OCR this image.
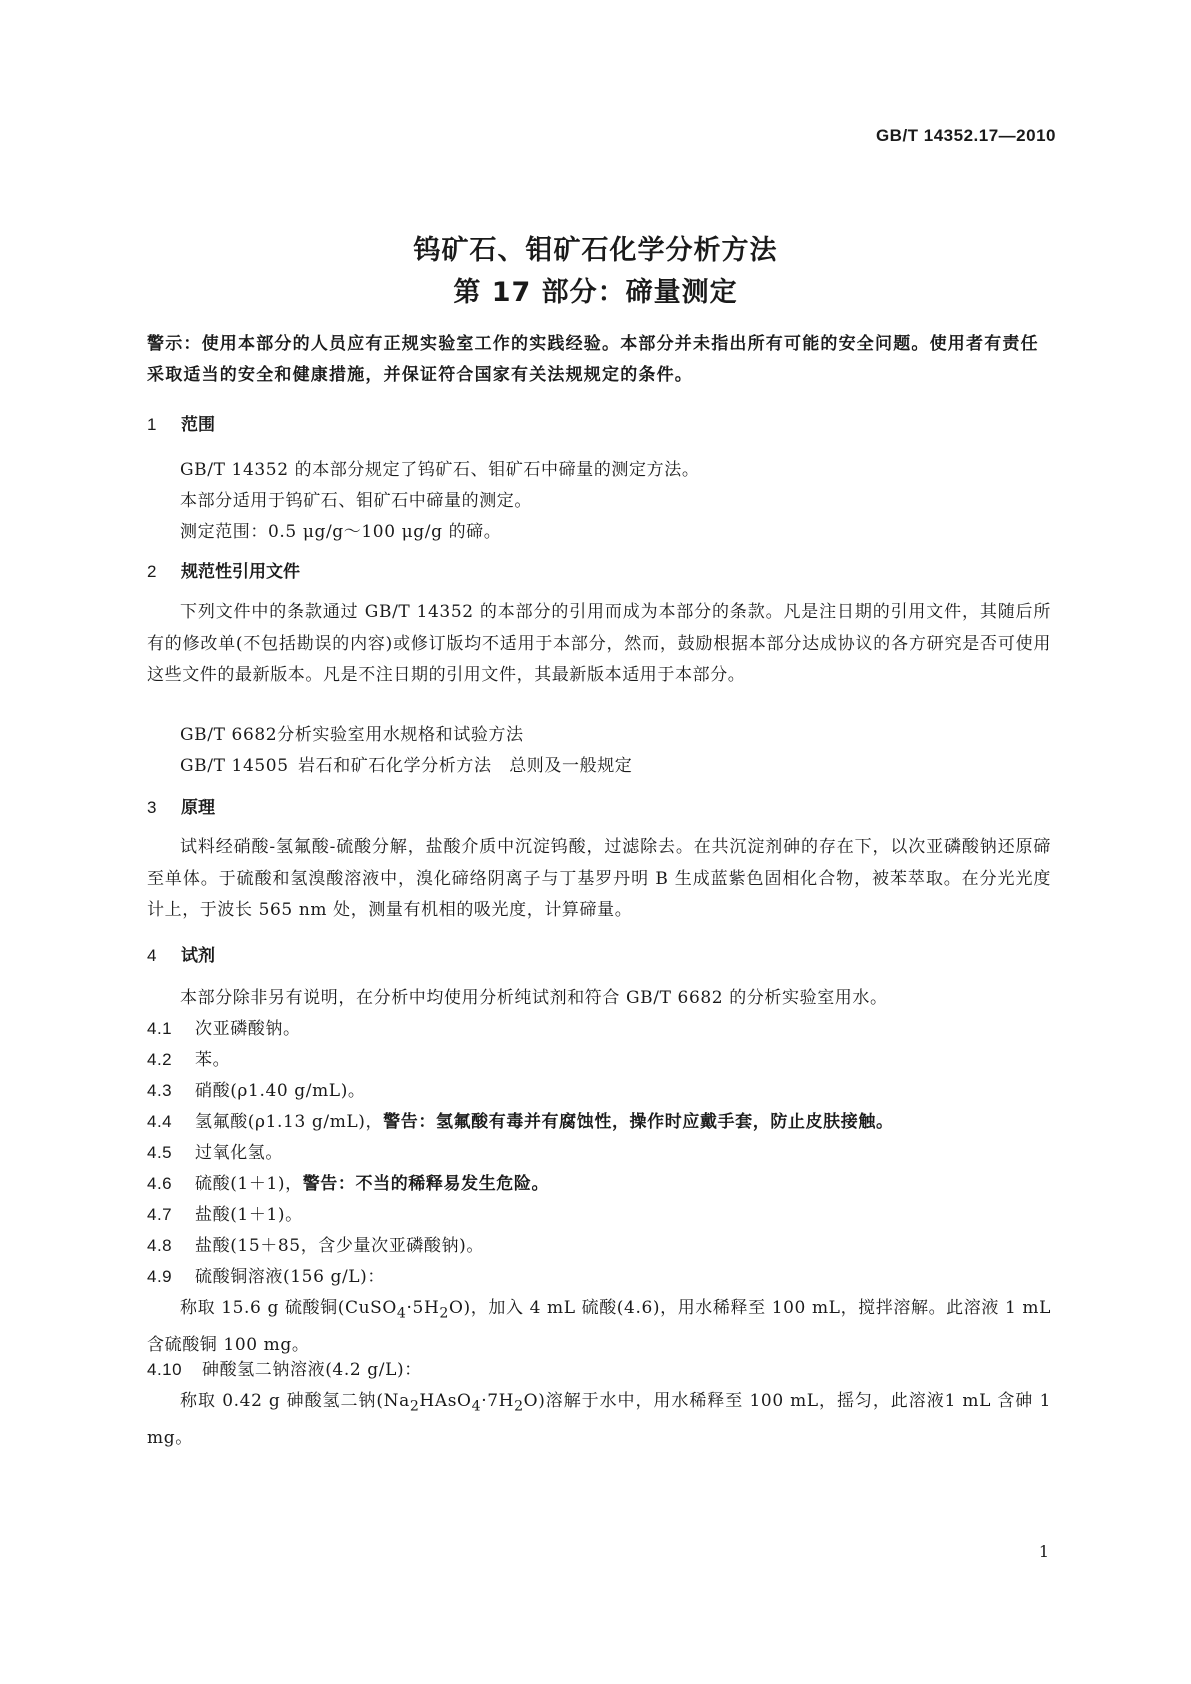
GB/T 14352.17—2010
钨矿石、钼矿石化学分析方法
第 17 部分：碲量测定
警示：使用本部分的人员应有正规实验室工作的实践经验。本部分并未指出所有可能的安全问题。使用者有责任采取适当的安全和健康措施，并保证符合国家有关法规规定的条件。
1 范围
GB/T 14352 的本部分规定了钨矿石、钼矿石中碲量的测定方法。
本部分适用于钨矿石、钼矿石中碲量的测定。
测定范围：0.5 μg/g～100 μg/g 的碲。
2 规范性引用文件
下列文件中的条款通过 GB/T 14352 的本部分的引用而成为本部分的条款。凡是注日期的引用文件，其随后所有的修改单(不包括勘误的内容)或修订版均不适用于本部分，然而，鼓励根据本部分达成协议的各方研究是否可使用这些文件的最新版本。凡是不注日期的引用文件，其最新版本适用于本部分。
GB/T 6682分析实验室用水规格和试验方法
GB/T 14505 岩石和矿石化学分析方法　总则及一般规定
3 原理
试料经硝酸-氢氟酸-硫酸分解，盐酸介质中沉淀钨酸，过滤除去。在共沉淀剂砷的存在下，以次亚磷酸钠还原碲至单体。于硫酸和氢溴酸溶液中，溴化碲络阴离子与丁基罗丹明 B 生成蓝紫色固相化合物，被苯萃取。在分光光度计上，于波长 565 nm 处，测量有机相的吸光度，计算碲量。
4 试剂
本部分除非另有说明，在分析中均使用分析纯试剂和符合 GB/T 6682 的分析实验室用水。
4.1 次亚磷酸钠。
4.2 苯。
4.3 硝酸(ρ1.40 g/mL)。
4.4 氢氟酸(ρ1.13 g/mL)，警告：氢氟酸有毒并有腐蚀性，操作时应戴手套，防止皮肤接触。
4.5 过氧化氢。
4.6 硫酸(1＋1)，警告：不当的稀释易发生危险。
4.7 盐酸(1＋1)。
4.8 盐酸(15＋85，含少量次亚磷酸钠)。
4.9 硫酸铜溶液(156 g/L)：
称取 15.6 g 硫酸铜$(CuSO_4\cdot 5H_2O)$，加入 4 mL 硫酸(4.6)，用水稀释至 100 mL，搅拌溶解。此溶液 1 mL 含硫酸铜 100 mg。
4.10 砷酸氢二钠溶液(4.2 g/L)：
称取 0.42 g 砷酸氢二钠$(Na_2HAsO_4\cdot 7H_2O)$溶解于水中，用水稀释至 100 mL，摇匀，此溶液1 mL 含砷 1 mg。
1
